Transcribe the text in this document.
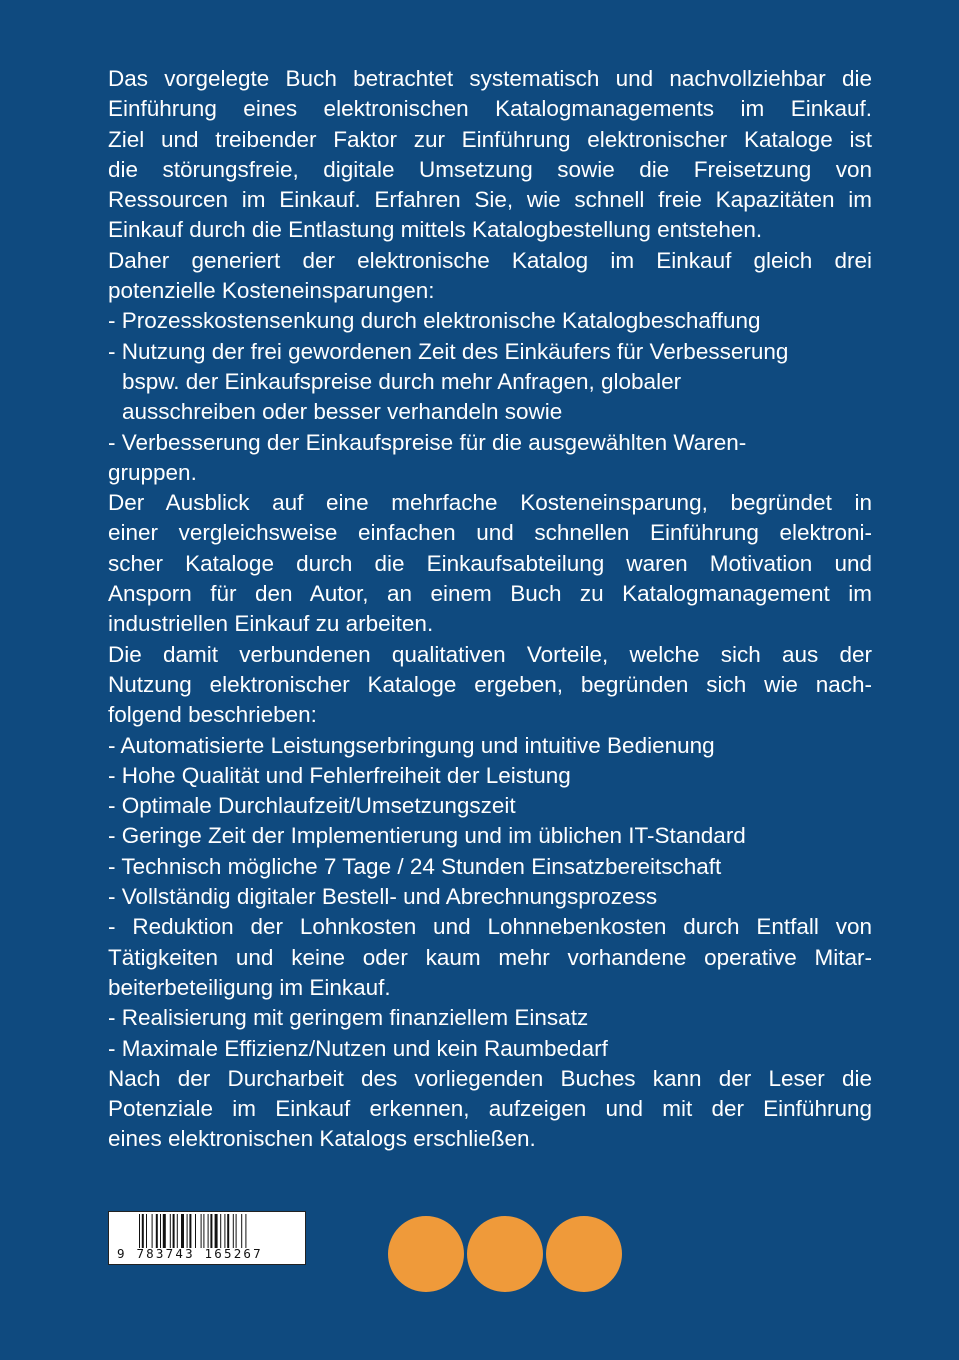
Das vorgelegte Buch betrachtet systematisch und nachvollziehbar die
Einführung eines elektronischen Katalogmanagements im Einkauf.
Ziel und treibender Faktor zur Einführung elektronischer Kataloge ist
die störungsfreie, digitale Umsetzung sowie die Freisetzung von
Ressourcen im Einkauf. Erfahren Sie, wie schnell freie Kapazitäten im
Einkauf durch die Entlastung mittels Katalogbestellung entstehen.
Daher generiert der elektronische Katalog im Einkauf gleich drei
potenzielle Kosteneinsparungen:
- Prozesskostensenkung durch elektronische Katalogbeschaffung
- Nutzung der frei gewordenen Zeit des Einkäufers für Verbesserung
bspw. der Einkaufspreise durch mehr Anfragen, globaler
ausschreiben oder besser verhandeln sowie
- Verbesserung der Einkaufspreise für die ausgewählten Waren-
gruppen.
Der Ausblick auf eine mehrfache Kosteneinsparung, begründet in
einer vergleichsweise einfachen und schnellen Einführung elektroni-
scher Kataloge durch die Einkaufsabteilung waren Motivation und
Ansporn für den Autor, an einem Buch zu Katalogmanagement im
industriellen Einkauf zu arbeiten.
Die damit verbundenen qualitativen Vorteile, welche sich aus der
Nutzung elektronischer Kataloge ergeben, begründen sich wie nach-
folgend beschrieben:
- Automatisierte Leistungserbringung und intuitive Bedienung
- Hohe Qualität und Fehlerfreiheit der Leistung
- Optimale Durchlaufzeit/Umsetzungszeit
- Geringe Zeit der Implementierung und im üblichen IT-Standard
- Technisch mögliche 7 Tage / 24 Stunden Einsatzbereitschaft
- Vollständig digitaler Bestell- und Abrechnungsprozess
- Reduktion der Lohnkosten und Lohnnebenkosten durch Entfall von
Tätigkeiten und keine oder kaum mehr vorhandene operative Mitar-
beiterbeteiligung im Einkauf.
- Realisierung mit geringem finanziellem Einsatz
- Maximale Effizienz/Nutzen und kein Raumbedarf
Nach der Durcharbeit des vorliegenden Buches kann der Leser die
Potenziale im Einkauf erkennen, aufzeigen und mit der Einführung
eines elektronischen Katalogs erschließen.
9 783743 165267
